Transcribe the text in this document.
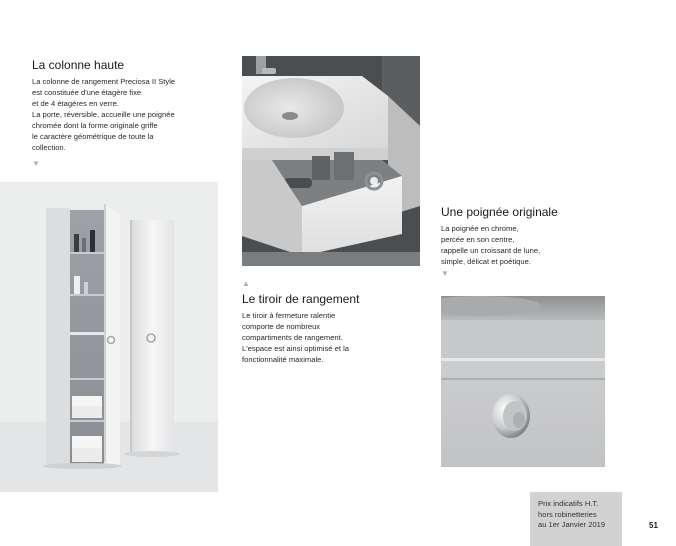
La colonne haute

La colonne de rangement Preciosa II Style
est constituée d'une étagère fixe
et de 4 étagères en verre.
La porte, réversible, accueille une poignée
chromée dont la forme originale griffe
le caractère géométrique de toute la
collection.

▼
▲
Le tiroir de rangement

Le tiroir à fermeture ralentie
comporte de nombreux
compartiments de rangement.
L'espace est ainsi optimisé et la
fonctionnalité maximale.

Une poignée originale

La poignée en chrome,
percée en son centre,
rappelle un croissant de lune,
simple, délicat et poétique.

▼
Prix indicatifs H.T.
hors robinetteries
au 1er Janvier 2019	51
